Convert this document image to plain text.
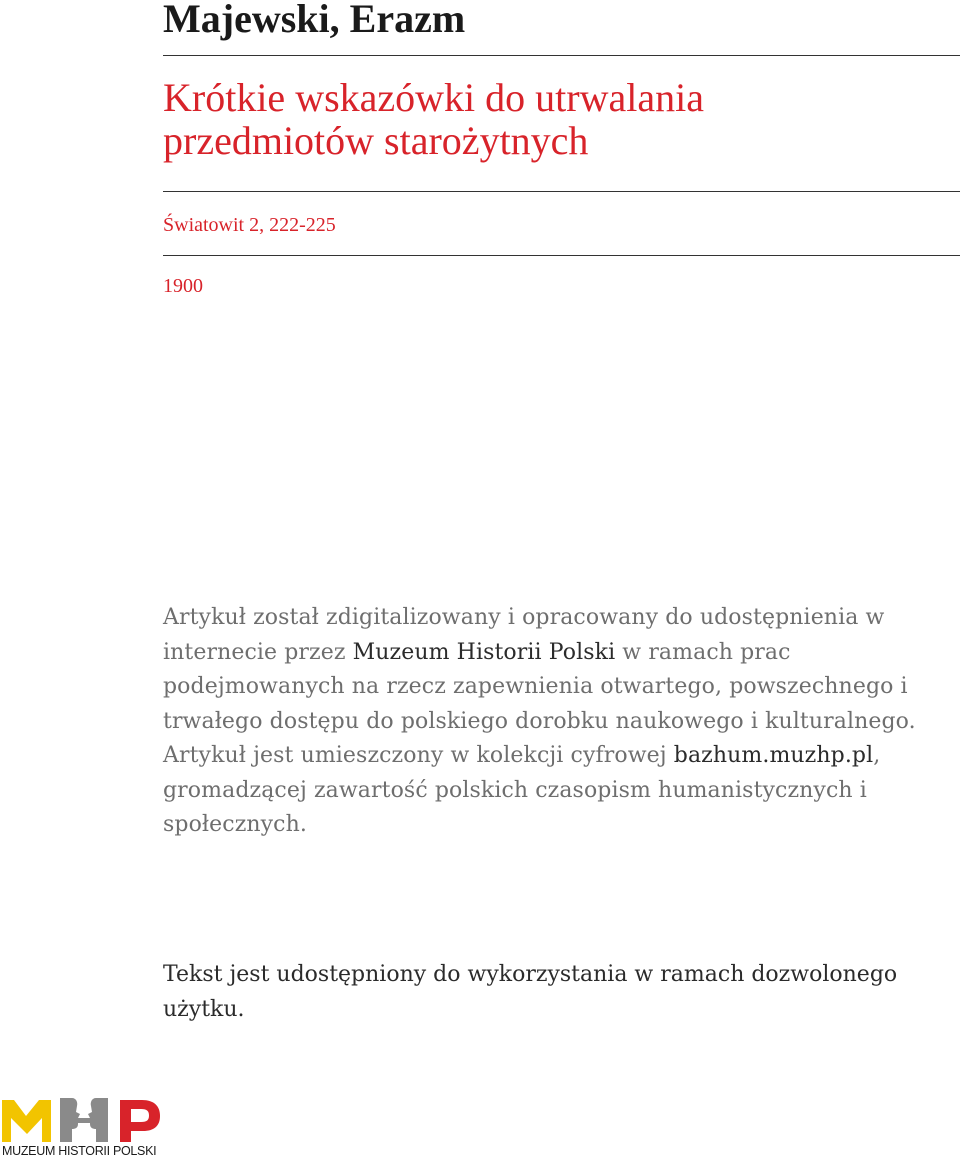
Majewski, Erazm
Krótkie wskazówki do utrwalania przedmiotów starożytnych
Światowit 2, 222-225
1900

Artykuł został zdigitalizowany i opracowany do udostępnienia w internecie przez Muzeum Historii Polski w ramach prac podejmowanych na rzecz zapewnienia otwartego, powszechnego i trwałego dostępu do polskiego dorobku naukowego i kulturalnego. Artykuł jest umieszczony w kolekcji cyfrowej bazhum.muzhp.pl, gromadzącej zawartość polskich czasopism humanistycznych i społecznych.

Tekst jest udostępniony do wykorzystania w ramach dozwolonego użytku.

MUZEUM HISTORII POLSKI
